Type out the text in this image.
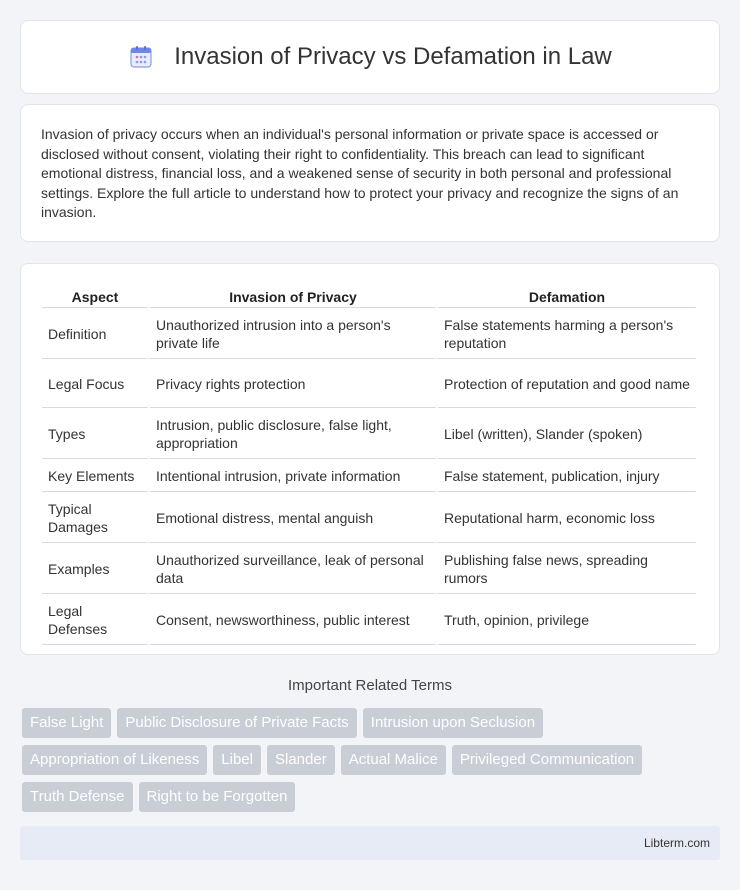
Invasion of Privacy vs Defamation in Law

Invasion of privacy occurs when an individual's personal information or private space is accessed or disclosed without consent, violating their right to confidentiality. This breach can lead to significant emotional distress, financial loss, and a weakened sense of security in both personal and professional settings. Explore the full article to understand how to protect your privacy and recognize the signs of an invasion.

Aspect	Invasion of Privacy	Defamation
Definition	Unauthorized intrusion into a person's private life	False statements harming a person's reputation
Legal Focus	Privacy rights protection	Protection of reputation and good name
Types	Intrusion, public disclosure, false light, appropriation	Libel (written), Slander (spoken)
Key Elements	Intentional intrusion, private information	False statement, publication, injury
Typical Damages	Emotional distress, mental anguish	Reputational harm, economic loss
Examples	Unauthorized surveillance, leak of personal data	Publishing false news, spreading rumors
Legal Defenses	Consent, newsworthiness, public interest	Truth, opinion, privilege
Important Related Terms
False Light	Public Disclosure of Private Facts	Intrusion upon Seclusion
Appropriation of Likeness	Libel	Slander	Actual Malice	Privileged Communication
Truth Defense	Right to be Forgotten
Libterm.com
